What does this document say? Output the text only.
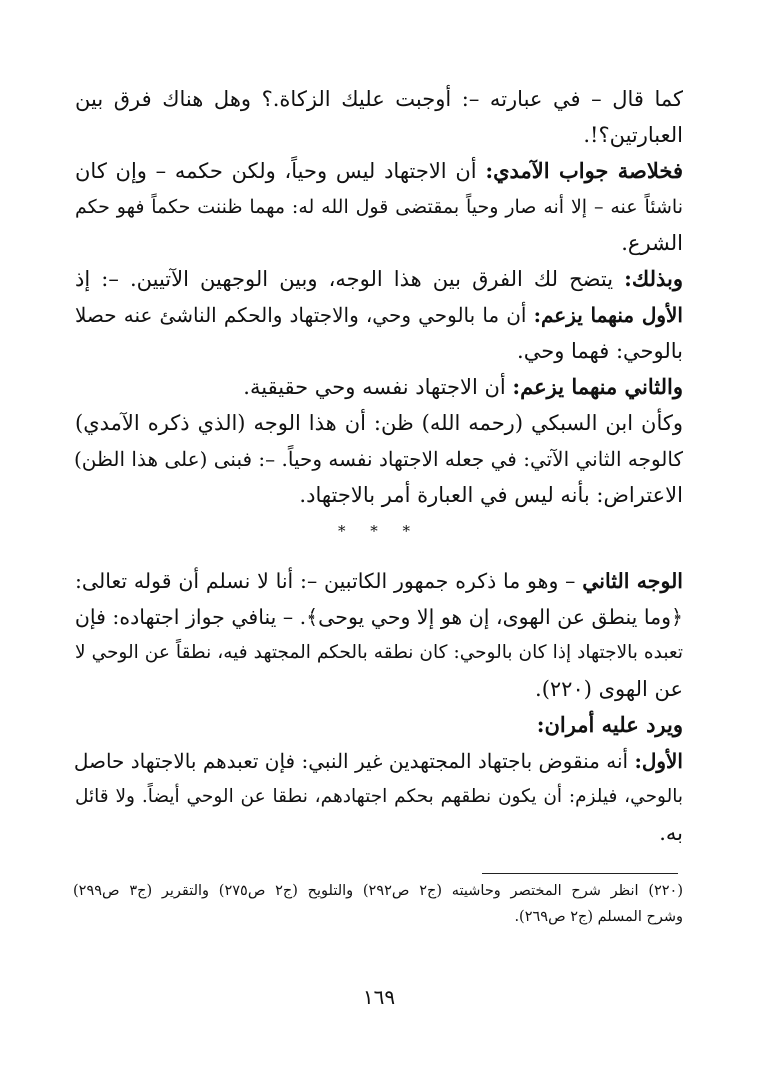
كما قال – في عبارته –: أوجبت عليك الزكاة.؟ وهل هناك فرق بين
العبارتين؟!.
فخلاصة جواب الآمدي: أن الاجتهاد ليس وحياً، ولكن حكمه – وإن كان
ناشئاً عنه – إلا أنه صار وحياً بمقتضى قول الله له: مهما ظننت حكماً فهو حكم
الشرع.
وبذلك: يتضح لك الفرق بين هذا الوجه، وبين الوجهين الآتيين. –: إذ
الأول منهما يزعم: أن ما بالوحي وحي، والاجتهاد والحكم الناشئ عنه حصلا
بالوحي: فهما وحي.
والثاني منهما يزعم: أن الاجتهاد نفسه وحي حقيقية.
وكأن ابن السبكي (رحمه الله) ظن: أن هذا الوجه (الذي ذكره الآمدي)
كالوجه الثاني الآتي: في جعله الاجتهاد نفسه وحياً. –: فبنى (على هذا الظن)
الاعتراض: بأنه ليس في العبارة أمر بالاجتهاد.
* * *
الوجه الثاني – وهو ما ذكره جمهور الكاتبين –: أنا لا نسلم أن قوله تعالى:
﴿وما ينطق عن الهوى، إن هو إلا وحي يوحى﴾. – ينافي جواز اجتهاده: فإن
تعبده بالاجتهاد إذا كان بالوحي: كان نطقه بالحكم المجتهد فيه، نطقاً عن الوحي لا
عن الهوى (٢٢٠).
ويرد عليه أمران:
الأول: أنه منقوض باجتهاد المجتهدين غير النبي: فإن تعبدهم بالاجتهاد حاصل
بالوحي، فيلزم: أن يكون نطقهم بحكم اجتهادهم، نطقا عن الوحي أيضاً. ولا قائل
به.
(٢٢٠) انظر شرح المختصر وحاشيته (ج٢ ص٢٩٢) والتلويح (ج٢ ص٢٧٥) والتقرير (ج٣ ص٢٩٩)
وشرح المسلم (ج٢ ص٢٦٩).
١٦٩
